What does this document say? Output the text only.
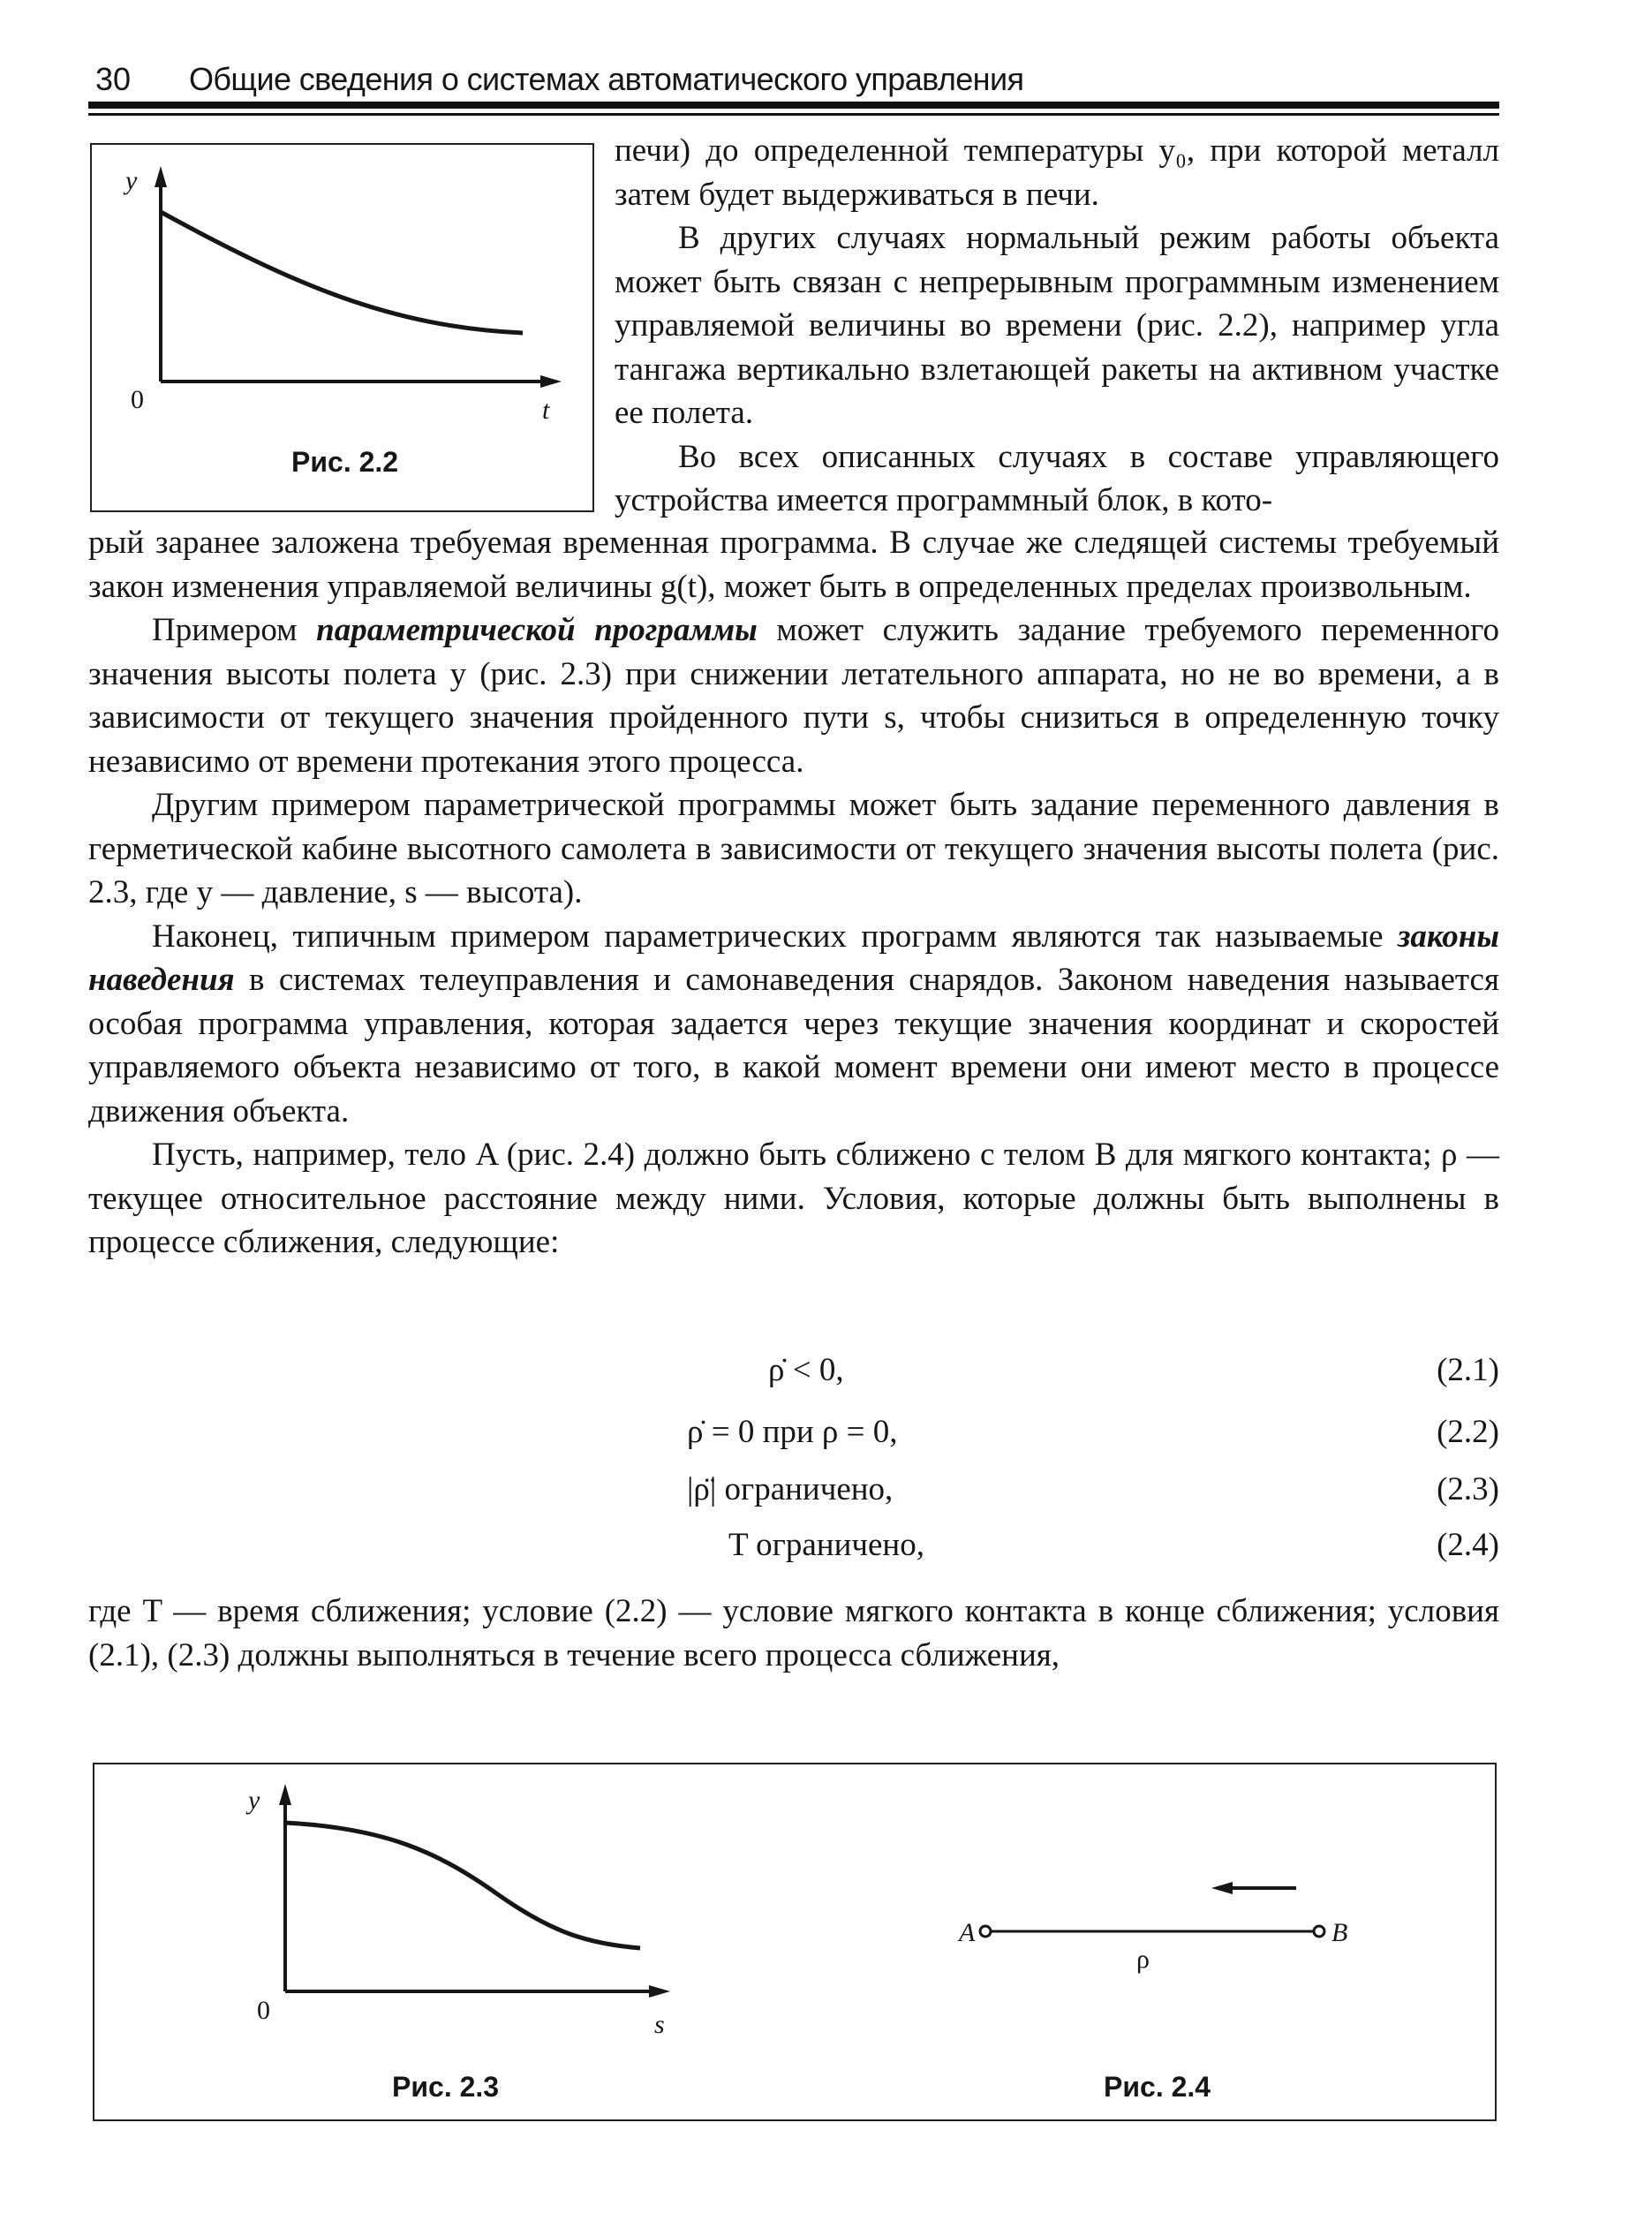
30 Общие сведения о системах автоматического управления
y
t
0
Рис. 2.2

печи) до определенной температуры y₀, при которой металл затем будет выдерживаться в печи.

В других случаях нормальный режим работы объекта может быть связан с непрерывным программным изменением управляемой величины во времени (рис. 2.2), например угла тангажа вертикально взлетающей ракеты на активном участке ее полета.

Во всех описанных случаях в составе управляющего устройства имеется программный блок, в кото-

рый заранее заложена требуемая временная программа. В случае же следящей системы требуемый закон изменения управляемой величины g(t), может быть в определенных пределах произвольным.

Примером параметрической программы может служить задание требуемого переменного значения высоты полета y (рис. 2.3) при снижении летательного аппарата, но не во времени, а в зависимости от текущего значения пройденного пути s, чтобы снизиться в определенную точку независимо от времени протекания этого процесса.

Другим примером параметрической программы может быть задание переменного давления в герметической кабине высотного самолета в зависимости от текущего значения высоты полета (рис. 2.3, где y — давление, s — высота).

Наконец, типичным примером параметрических программ являются так называемые законы наведения в системах телеуправления и самонаведения снарядов. Законом наведения называется особая программа управления, которая задается через текущие значения координат и скоростей управляемого объекта независимо от того, в какой момент времени они имеют место в процессе движения объекта.

Пусть, например, тело A (рис. 2.4) должно быть сближено с телом B для мягкого контакта; ρ — текущее относительное расстояние между ними. Условия, которые должны быть выполнены в процессе сближения, следующие:

ρ̇ < 0,	(2.1)
ρ̇ = 0 при ρ = 0,	(2.2)
|ρ̈| ограничено,	(2.3)
T ограничено,	(2.4)

где T — время сближения; условие (2.2) — условие мягкого контакта в конце сближения; условия (2.1), (2.3) должны выполняться в течение всего процесса сближения,

y
s
0
Рис. 2.3
A	B
ρ
Рис. 2.4
